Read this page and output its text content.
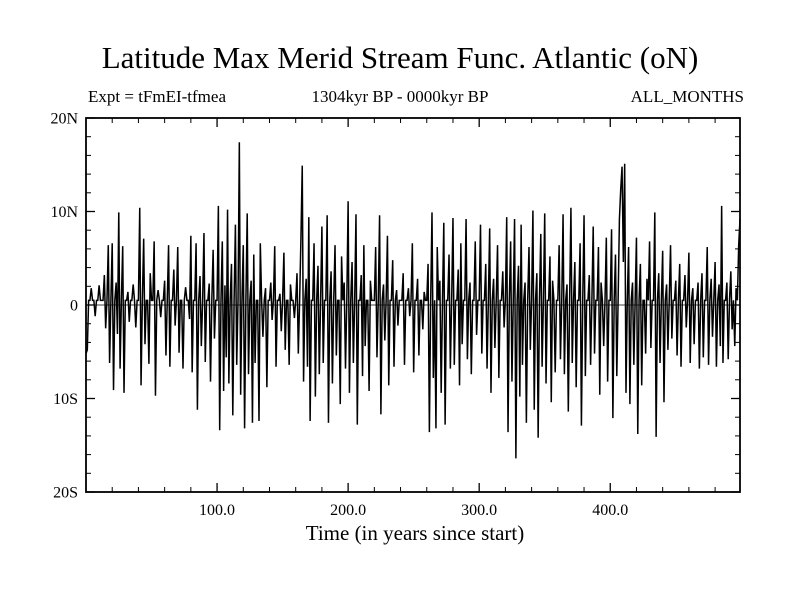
Latitude Max Merid Stream Func. Atlantic (oN)
Expt = tFmEI-tfmea	1304kyr BP - 0000kyr BP	ALL_MONTHS
20N
10N
0
10S
20S
100.0	200.0	300.0	400.0
Time (in years since start)
